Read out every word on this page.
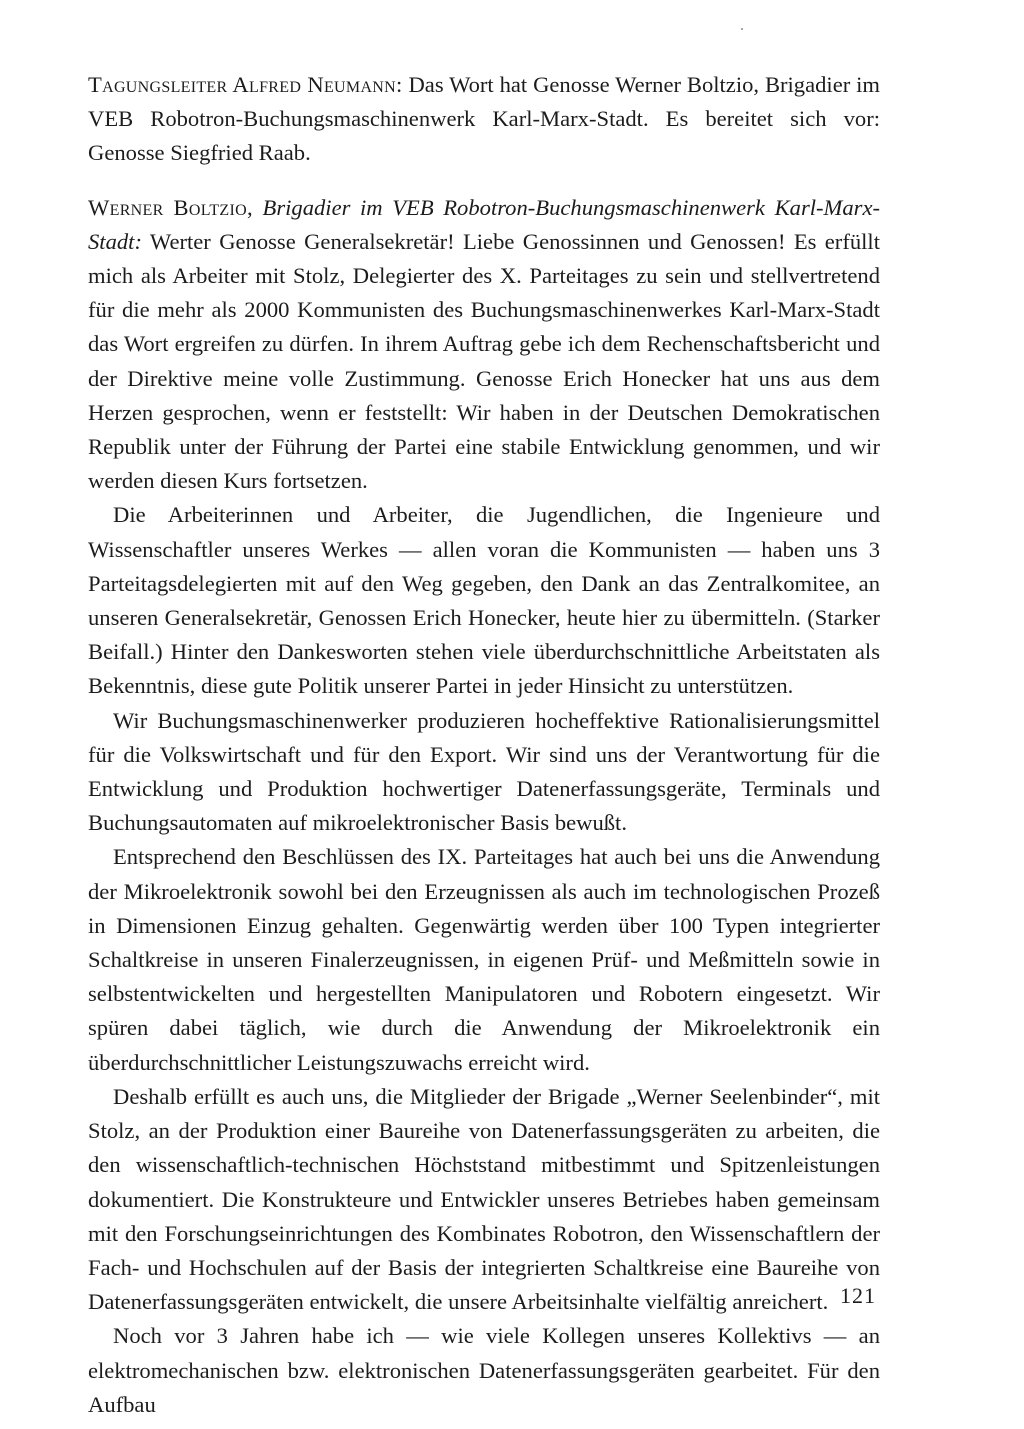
Tagungsleiter Alfred Neumann: Das Wort hat Genosse Werner Boltzio, Brigadier im VEB Robotron-Buchungsmaschinenwerk Karl-Marx-Stadt. Es bereitet sich vor: Genosse Siegfried Raab.

Werner Boltzio, Brigadier im VEB Robotron-Buchungsmaschinenwerk Karl-Marx-Stadt: Werter Genosse Generalsekretär! Liebe Genossinnen und Genossen! Es erfüllt mich als Arbeiter mit Stolz, Delegierter des X. Parteitages zu sein und stellvertretend für die mehr als 2000 Kommunisten des Buchungsmaschinenwerkes Karl-Marx-Stadt das Wort ergreifen zu dürfen. In ihrem Auftrag gebe ich dem Rechenschaftsbericht und der Direktive meine volle Zustimmung. Genosse Erich Honecker hat uns aus dem Herzen gesprochen, wenn er feststellt: Wir haben in der Deutschen Demokratischen Republik unter der Führung der Partei eine stabile Entwicklung genommen, und wir werden diesen Kurs fortsetzen.

Die Arbeiterinnen und Arbeiter, die Jugendlichen, die Ingenieure und Wissenschaftler unseres Werkes — allen voran die Kommunisten — haben uns 3 Parteitagsdelegierten mit auf den Weg gegeben, den Dank an das Zentralkomitee, an unseren Generalsekretär, Genossen Erich Honecker, heute hier zu übermitteln. (Starker Beifall.) Hinter den Dankesworten stehen viele überdurchschnittliche Arbeitstaten als Bekenntnis, diese gute Politik unserer Partei in jeder Hinsicht zu unterstützen.

Wir Buchungsmaschinenwerker produzieren hocheffektive Rationalisierungsmittel für die Volkswirtschaft und für den Export. Wir sind uns der Verantwortung für die Entwicklung und Produktion hochwertiger Datenerfassungsgeräte, Terminals und Buchungsautomaten auf mikroelektronischer Basis bewußt.

Entsprechend den Beschlüssen des IX. Parteitages hat auch bei uns die Anwendung der Mikroelektronik sowohl bei den Erzeugnissen als auch im technologischen Prozeß in Dimensionen Einzug gehalten. Gegenwärtig werden über 100 Typen integrierter Schaltkreise in unseren Finalerzeugnissen, in eigenen Prüf- und Meßmitteln sowie in selbstentwickelten und hergestellten Manipulatoren und Robotern eingesetzt. Wir spüren dabei täglich, wie durch die Anwendung der Mikroelektronik ein überdurchschnittlicher Leistungszuwachs erreicht wird.

Deshalb erfüllt es auch uns, die Mitglieder der Brigade „Werner Seelenbinder“, mit Stolz, an der Produktion einer Baureihe von Datenerfassungsgeräten zu arbeiten, die den wissenschaftlich-technischen Höchststand mitbestimmt und Spitzenleistungen dokumentiert. Die Konstrukteure und Entwickler unseres Betriebes haben gemeinsam mit den Forschungseinrichtungen des Kombinates Robotron, den Wissenschaftlern der Fach- und Hochschulen auf der Basis der integrierten Schaltkreise eine Baureihe von Datenerfassungsgeräten entwickelt, die unsere Arbeitsinhalte vielfältig anreichert.

Noch vor 3 Jahren habe ich — wie viele Kollegen unseres Kollektivs — an elektromechanischen bzw. elektronischen Datenerfassungsgeräten gearbeitet. Für den Aufbau

121
